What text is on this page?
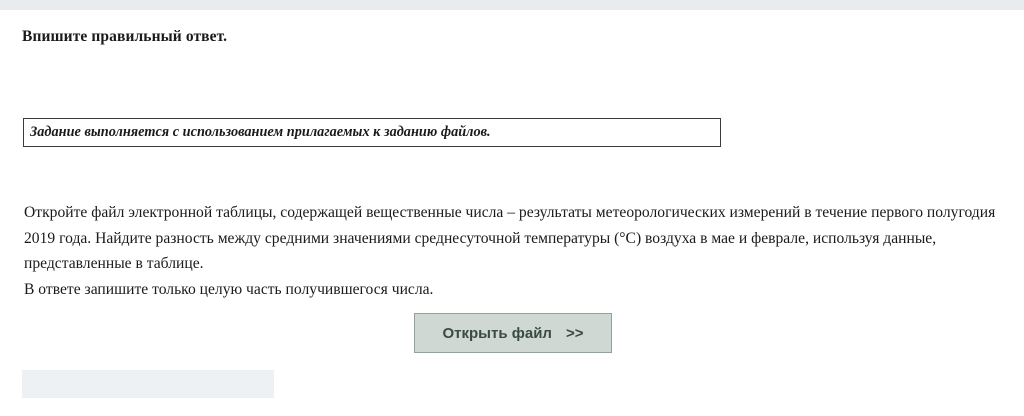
Впишите правильный ответ.
Задание выполняется с использованием прилагаемых к заданию файлов.

Откройте файл электронной таблицы, содержащей вещественные числа – результаты метеорологических измерений в течение первого полугодия 2019 года. Найдите разность между средними значениями среднесуточной температуры (°C) воздуха в мае и феврале, используя данные, представленные в таблице.

В ответе запишите только целую часть получившегося числа.

Открыть файл >>
